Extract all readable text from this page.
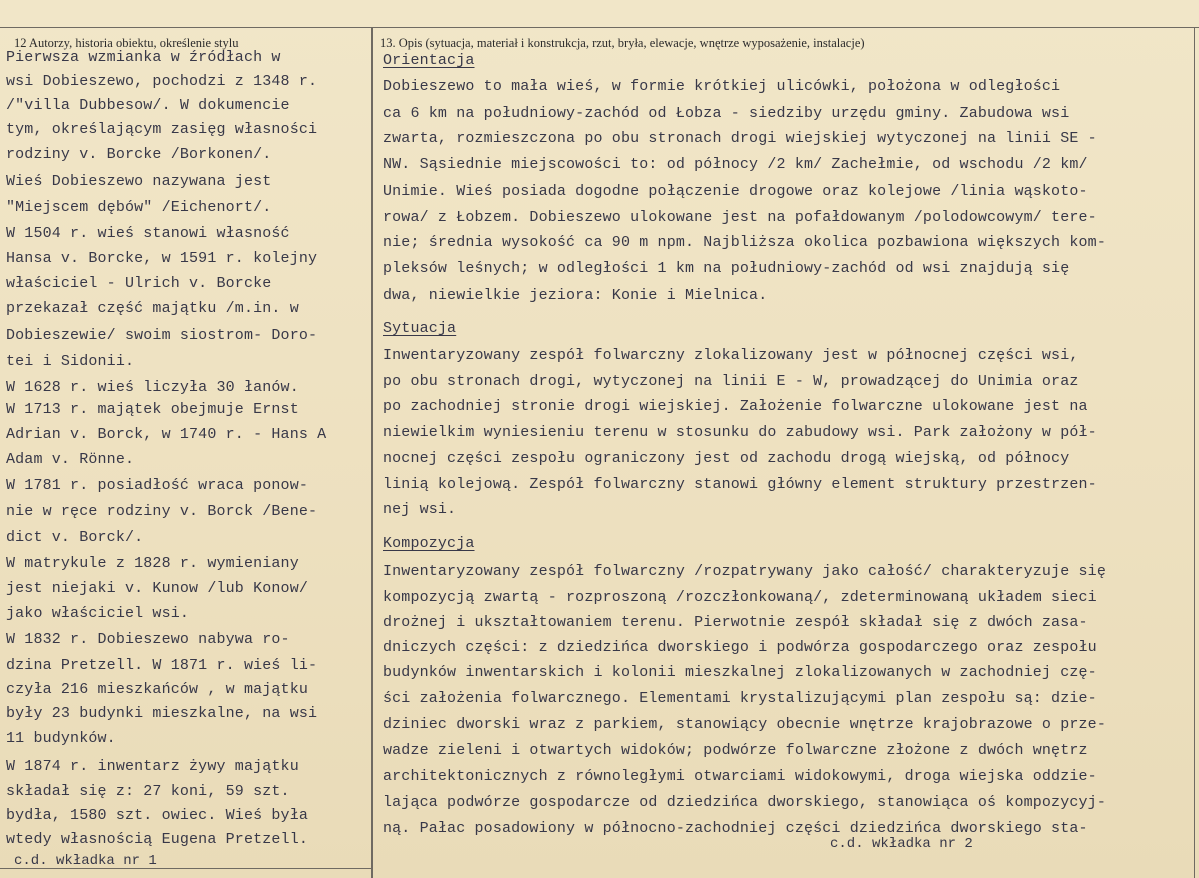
12 Autorzy, historia obiektu, określenie stylu	13. Opis (sytuacja, materiał i konstrukcja, rzut, bryła, elewacje, wnętrze wyposażenie, instalacje)
Pierwsza wzmianka w źródłach w
wsi Dobieszewo, pochodzi z 1348 r.
/"villa Dubbesow/. W dokumencie
tym, określającym zasięg własności
rodziny v. Borcke /Borkonen/.
Wieś Dobieszewo nazywana jest
"Miejscem dębów" /Eichenort/.
W 1504 r. wieś stanowi własność
Hansa v. Borcke, w 1591 r. kolejny
właściciel - Ulrich v. Borcke
przekazał część majątku /m.in. w
Dobieszewie/ swoim siostrom- Doro-
tei i Sidonii.
W 1628 r. wieś liczyła 30 łanów.
W 1713 r. majątek obejmuje Ernst
Adrian v. Borck, w 1740 r. - Hans A
Adam v. Rönne.
W 1781 r. posiadłość wraca ponow-
nie w ręce rodziny v. Borck /Bene-
dict v. Borck/.
W matrykule z 1828 r. wymieniany
jest niejaki v. Kunow /lub Konow/
jako właściciel wsi.
W 1832 r. Dobieszewo nabywa ro-
dzina Pretzell. W 1871 r. wieś li-
czyła 216 mieszkańców , w majątku
były 23 budynki mieszkalne, na wsi
11 budynków.
W 1874 r. inwentarz żywy majątku
składał się z: 27 koni, 59 szt.
bydła, 1580 szt. owiec. Wieś była
wtedy własnością Eugena Pretzell.
Orientacja
Dobieszewo to mała wieś, w formie krótkiej ulicówki, położona w odległości
ca 6 km na południowy-zachód od Łobza - siedziby urzędu gminy. Zabudowa wsi
zwarta, rozmieszczona po obu stronach drogi wiejskiej wytyczonej na linii SE -
NW. Sąsiednie miejscowości to: od północy /2 km/ Zachełmie, od wschodu /2 km/
Unimie. Wieś posiada dogodne połączenie drogowe oraz kolejowe /linia wąskoto-
rowa/ z Łobzem. Dobieszewo ulokowane jest na pofałdowanym /polodowcowym/ tere-
nie; średnia wysokość ca 90 m npm. Najbliższa okolica pozbawiona większych kom-
pleksów leśnych; w odległości 1 km na południowy-zachód od wsi znajdują się
dwa, niewielkie jeziora: Konie i Mielnica.
Sytuacja
Inwentaryzowany zespół folwarczny zlokalizowany jest w północnej części wsi,
po obu stronach drogi, wytyczonej na linii E - W, prowadzącej do Unimia oraz
po zachodniej stronie drogi wiejskiej. Założenie folwarczne ulokowane jest na
niewielkim wyniesieniu terenu w stosunku do zabudowy wsi. Park założony w pół-
nocnej części zespołu ograniczony jest od zachodu drogą wiejską, od północy
linią kolejową. Zespół folwarczny stanowi główny element struktury przestrzen-
nej wsi.
Kompozycja
Inwentaryzowany zespół folwarczny /rozpatrywany jako całość/ charakteryzuje się
kompozycją zwartą - rozproszoną /rozczłonkowaną/, zdeterminowaną układem sieci
drożnej i ukształtowaniem terenu. Pierwotnie zespół składał się z dwóch zasa-
dniczych części: z dziedzińca dworskiego i podwórza gospodarczego oraz zespołu
budynków inwentarskich i kolonii mieszkalnej zlokalizowanych w zachodniej czę-
ści założenia folwarcznego. Elementami krystalizującymi plan zespołu są: dzie-
dziniec dworski wraz z parkiem, stanowiący obecnie wnętrze krajobrazowe o prze-
wadze zieleni i otwartych widoków; podwórze folwarczne złożone z dwóch wnętrz
architektonicznych z równoległymi otwarciami widokowymi, droga wiejska oddzie-
lająca podwórze gospodarcze od dziedzińca dworskiego, stanowiąca oś kompozycyj-
ną. Pałac posadowiony w północno-zachodniej części dziedzińca dworskiego sta-
c.d. wkładka nr 1
c.d. wkładka nr 2
